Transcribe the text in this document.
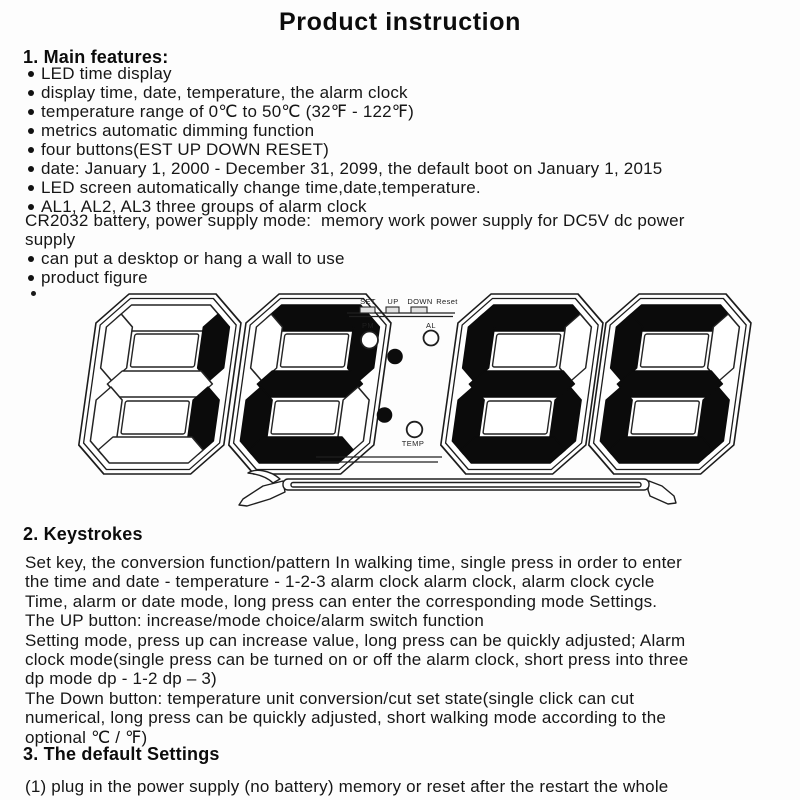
Product instruction
1. Main features:
LED time display
display time, date, temperature, the alarm clock
temperature range of 0℃ to 50℃ (32℉ - 122℉)
metrics automatic dimming function
four buttons(EST UP DOWN RESET)
date: January 1, 2000 - December 31, 2099, the default boot on January 1, 2015
LED screen automatically change time,date,temperature.
AL1, AL2, AL3 three groups of alarm clock
CR2032 battery, power supply mode:  memory work power supply for DC5V dc power
supply
can put a desktop or hang a wall to use
product figure
SET UP DOWN Reset
PM	AL
TEMP
2. Keystrokes
Set key, the conversion function/pattern In walking time, single press in order to enter
the time and date - temperature - 1-2-3 alarm clock alarm clock, alarm clock cycle
Time, alarm or date mode, long press can enter the corresponding mode Settings.
The UP button: increase/mode choice/alarm switch function
Setting mode, press up can increase value, long press can be quickly adjusted; Alarm
clock mode(single press can be turned on or off the alarm clock, short press into three
dp mode dp - 1-2 dp – 3)
The Down button: temperature unit conversion/cut set state(single click can cut
numerical, long press can be quickly adjusted, short walking mode according to the
optional ℃ / ℉)
3. The default Settings
(1) plug in the power supply (no battery) memory or reset after the restart the whole
